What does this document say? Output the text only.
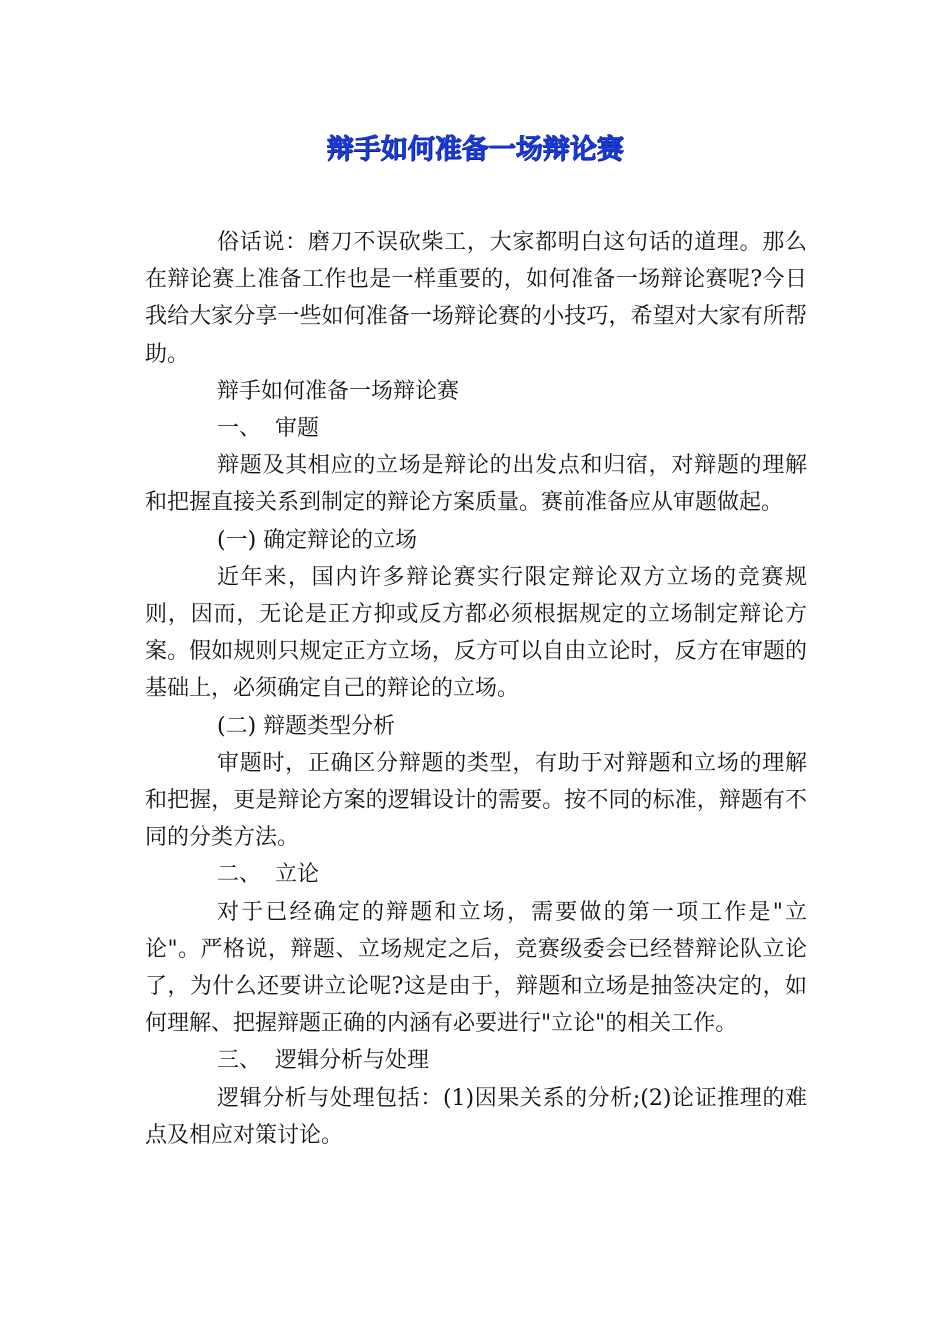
辩手如何准备一场辩论赛
俗话说：磨刀不误砍柴工，大家都明白这句话的道理。那么在辩论赛上准备工作也是一样重要的，如何准备一场辩论赛呢?今日我给大家分享一些如何准备一场辩论赛的小技巧，希望对大家有所帮助。
辩手如何准备一场辩论赛
一、  审题
辩题及其相应的立场是辩论的出发点和归宿，对辩题的理解和把握直接关系到制定的辩论方案质量。赛前准备应从审题做起。
(一) 确定辩论的立场
近年来，国内许多辩论赛实行限定辩论双方立场的竞赛规则，因而，无论是正方抑或反方都必须根据规定的立场制定辩论方案。假如规则只规定正方立场，反方可以自由立论时，反方在审题的基础上，必须确定自己的辩论的立场。
(二) 辩题类型分析
审题时，正确区分辩题的类型，有助于对辩题和立场的理解和把握，更是辩论方案的逻辑设计的需要。按不同的标准，辩题有不同的分类方法。
二、  立论
对于已经确定的辩题和立场，需要做的第一项工作是"立论"。严格说，辩题、立场规定之后，竞赛级委会已经替辩论队立论了，为什么还要讲立论呢?这是由于，辩题和立场是抽签决定的，如何理解、把握辩题正确的内涵有必要进行"立论"的相关工作。
三、  逻辑分析与处理
逻辑分析与处理包括：(1)因果关系的分析;(2)论证推理的难点及相应对策讨论。
